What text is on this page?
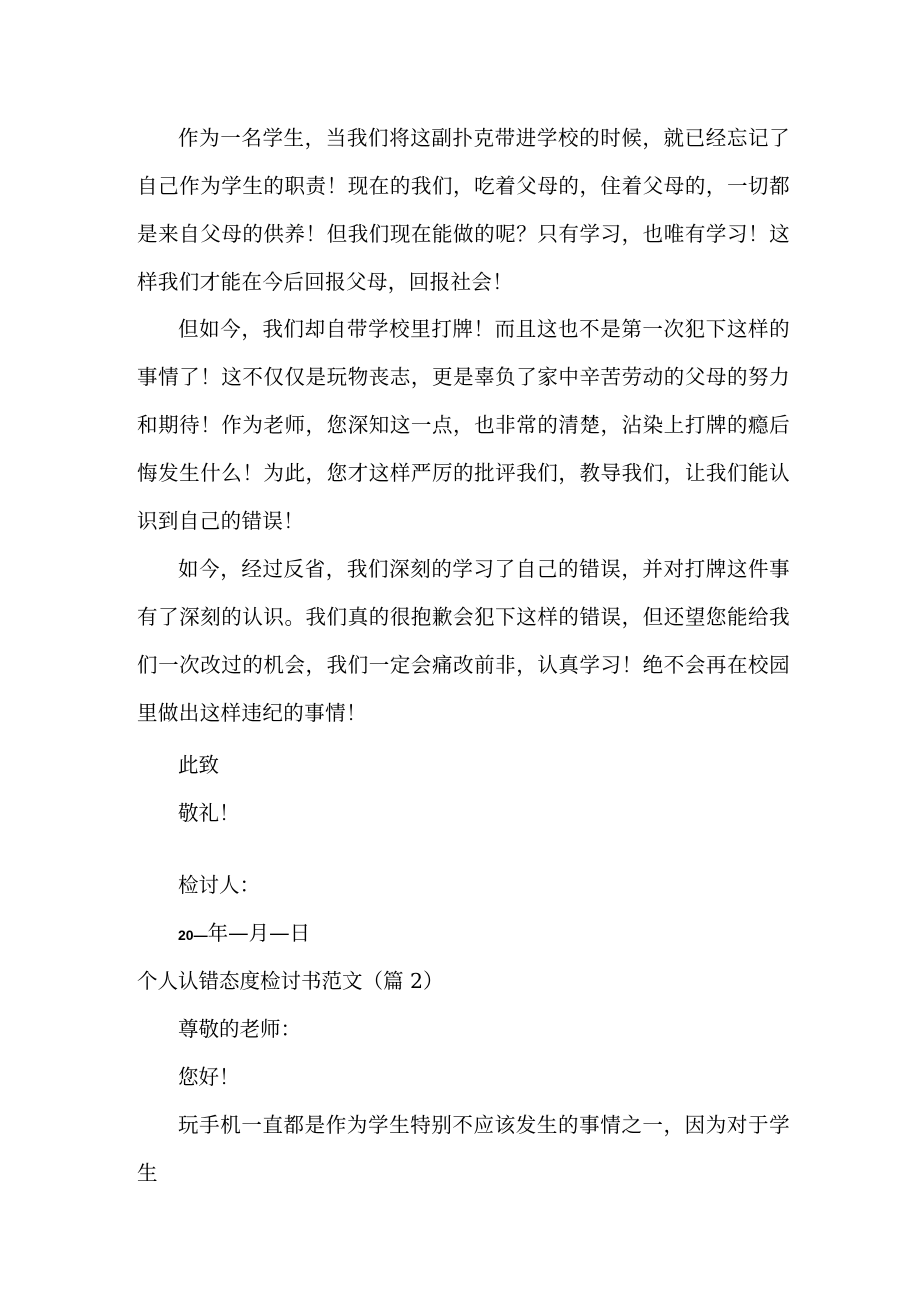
作为一名学生，当我们将这副扑克带进学校的时候，就已经忘记了自己作为学生的职责！现在的我们，吃着父母的，住着父母的，一切都是来自父母的供养！但我们现在能做的呢？只有学习，也唯有学习！这样我们才能在今后回报父母，回报社会！

但如今，我们却自带学校里打牌！而且这也不是第一次犯下这样的事情了！这不仅仅是玩物丧志，更是辜负了家中辛苦劳动的父母的努力和期待！作为老师，您深知这一点，也非常的清楚，沾染上打牌的瘾后悔发生什么！为此，您才这样严厉的批评我们，教导我们，让我们能认识到自己的错误！

如今，经过反省，我们深刻的学习了自己的错误，并对打牌这件事有了深刻的认识。我们真的很抱歉会犯下这样的错误，但还望您能给我们一次改过的机会，我们一定会痛改前非，认真学习！绝不会再在校园里做出这样违纪的事情！

此致

敬礼！

检讨人：

20—年—月—日

个人认错态度检讨书范文（篇 2）

尊敬的老师：

您好！

玩手机一直都是作为学生特别不应该发生的事情之一，因为对于学生
